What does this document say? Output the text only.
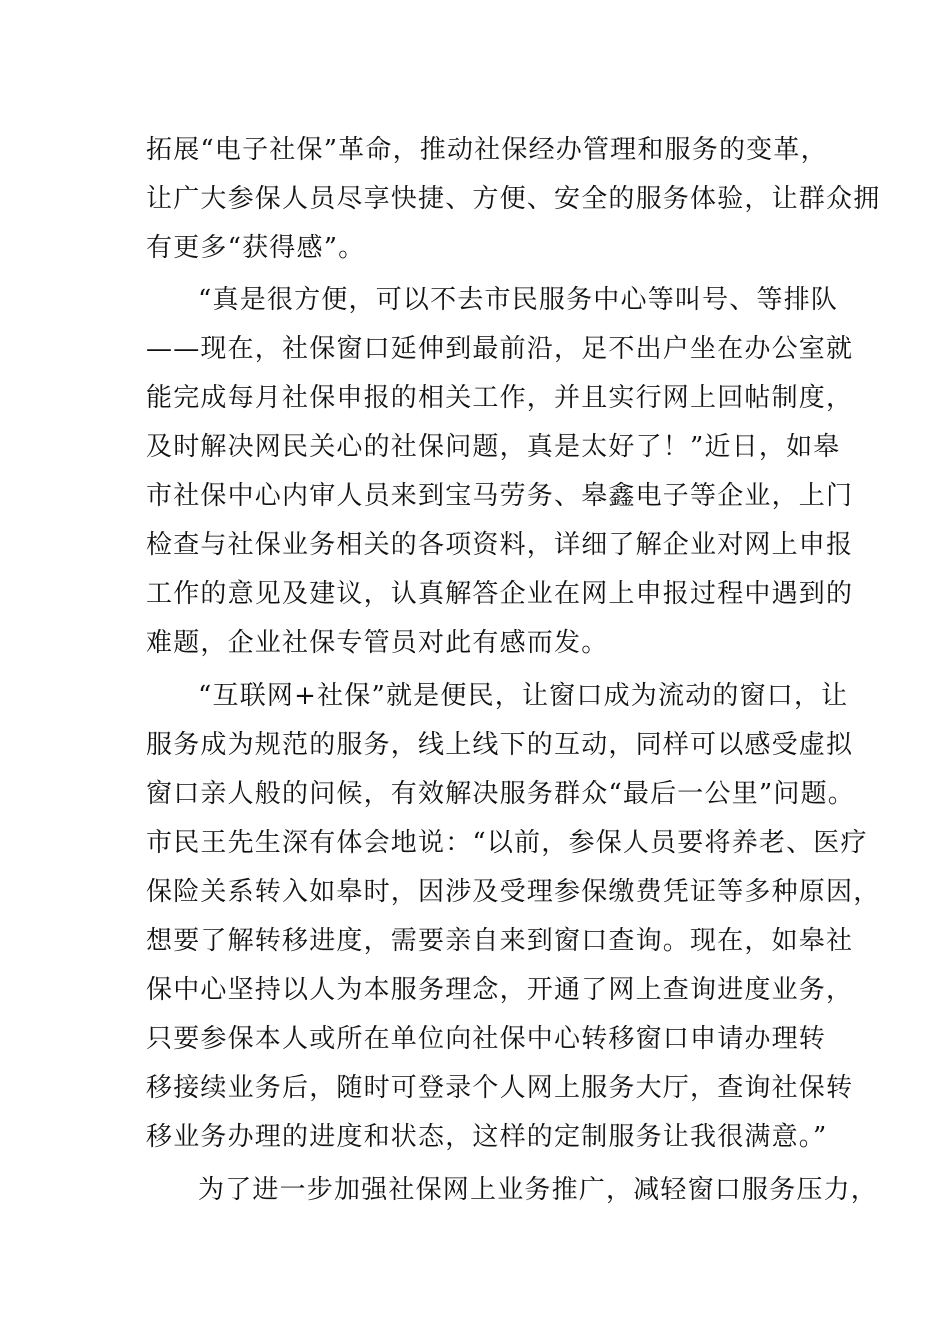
拓展“电子社保”革命，推动社保经办管理和服务的变革，
让广大参保人员尽享快捷、方便、安全的服务体验，让群众拥
有更多“获得感”。
“真是很方便，可以不去市民服务中心等叫号、等排队
——现在，社保窗口延伸到最前沿，足不出户坐在办公室就
能完成每月社保申报的相关工作，并且实行网上回帖制度，
及时解决网民关心的社保问题，真是太好了！”近日，如皋
市社保中心内审人员来到宝马劳务、皋鑫电子等企业，上门
检查与社保业务相关的各项资料，详细了解企业对网上申报
工作的意见及建议，认真解答企业在网上申报过程中遇到的
难题，企业社保专管员对此有感而发。
“互联网+社保”就是便民，让窗口成为流动的窗口，让
服务成为规范的服务，线上线下的互动，同样可以感受虚拟
窗口亲人般的问候，有效解决服务群众“最后一公里”问题。
市民王先生深有体会地说：“以前，参保人员要将养老、医疗
保险关系转入如皋时，因涉及受理参保缴费凭证等多种原因，
想要了解转移进度，需要亲自来到窗口查询。现在，如皋社
保中心坚持以人为本服务理念，开通了网上查询进度业务，
只要参保本人或所在单位向社保中心转移窗口申请办理转
移接续业务后，随时可登录个人网上服务大厅，查询社保转
移业务办理的进度和状态，这样的定制服务让我很满意。”
为了进一步加强社保网上业务推广，减轻窗口服务压力，
